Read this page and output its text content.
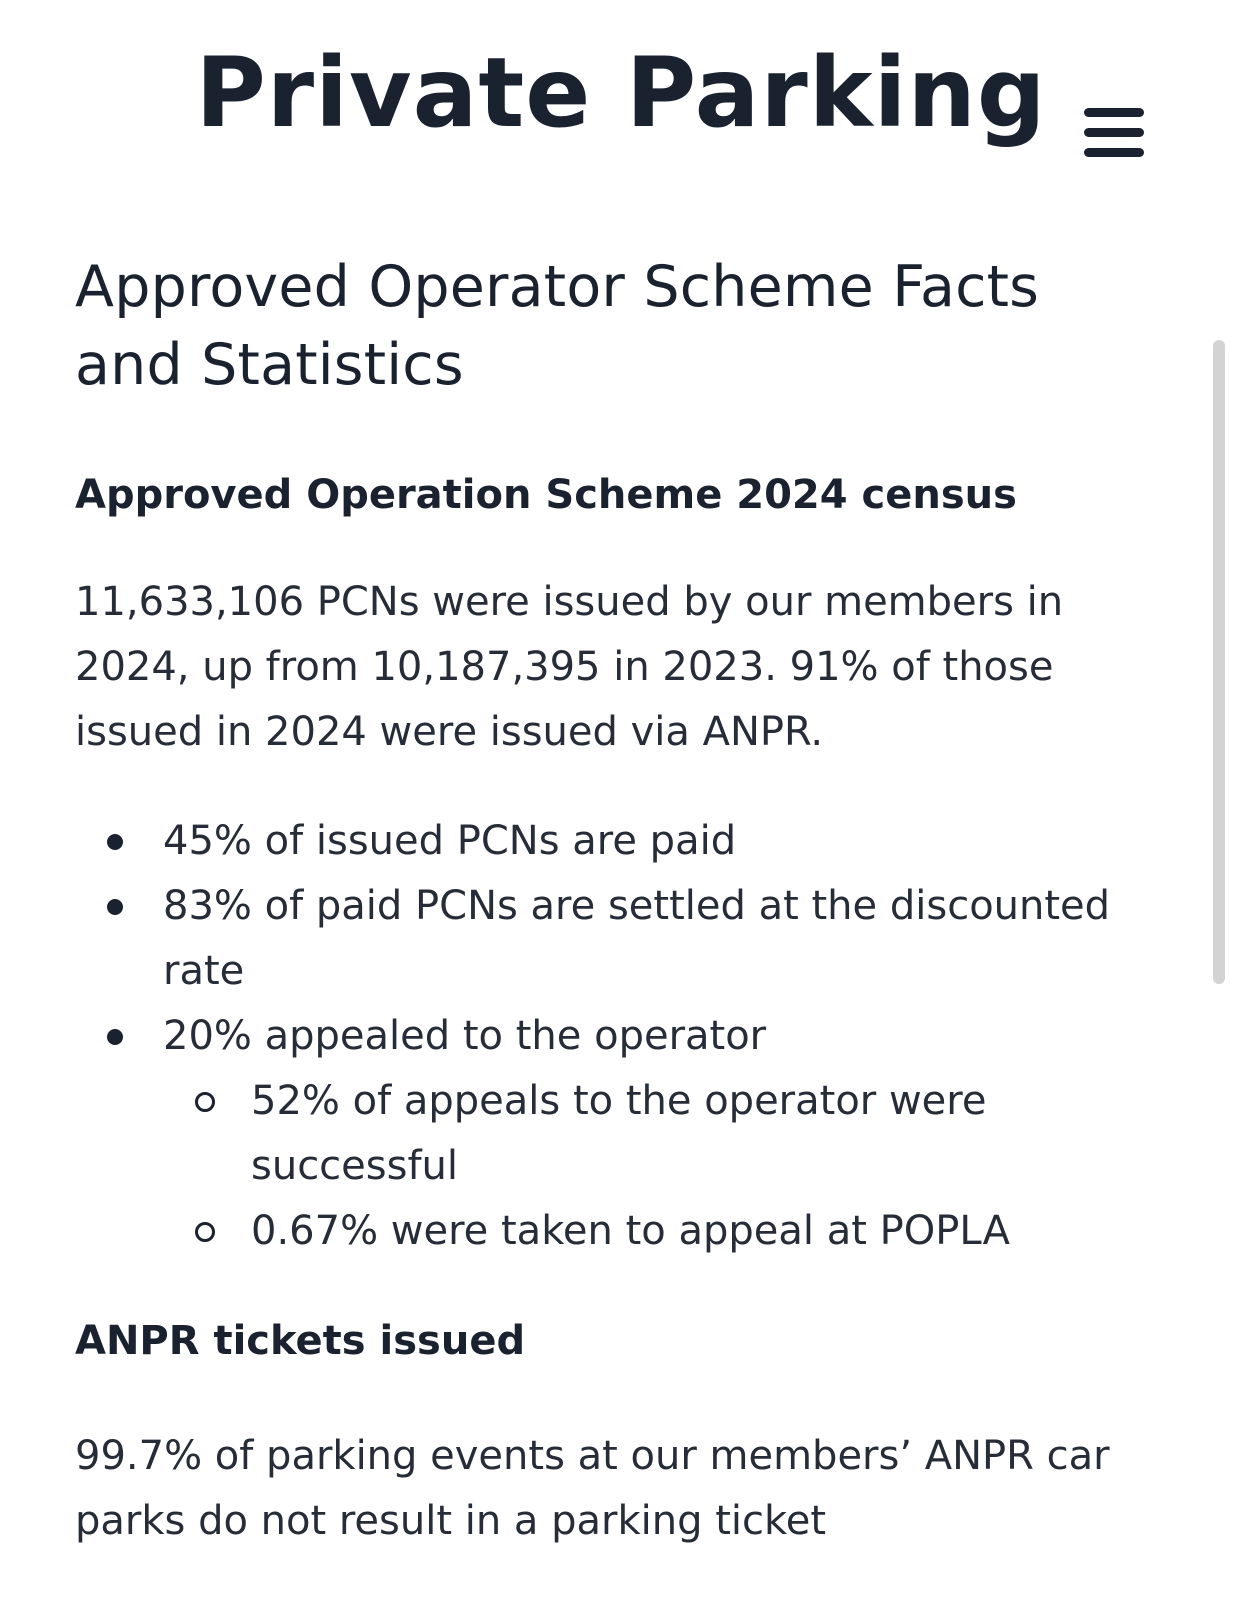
Private Parking
Approved Operator Scheme Facts and Statistics
Approved Operation Scheme 2024 census

11,633,106 PCNs were issued by our members in 2024, up from 10,187,395 in 2023. 91% of those issued in 2024 were issued via ANPR.

45% of issued PCNs are paid
83% of paid PCNs are settled at the discounted rate
20% appealed to the operator
52% of appeals to the operator were successful
0.67% were taken to appeal at POPLA
ANPR tickets issued

99.7% of parking events at our members’ ANPR car parks do not result in a parking ticket
